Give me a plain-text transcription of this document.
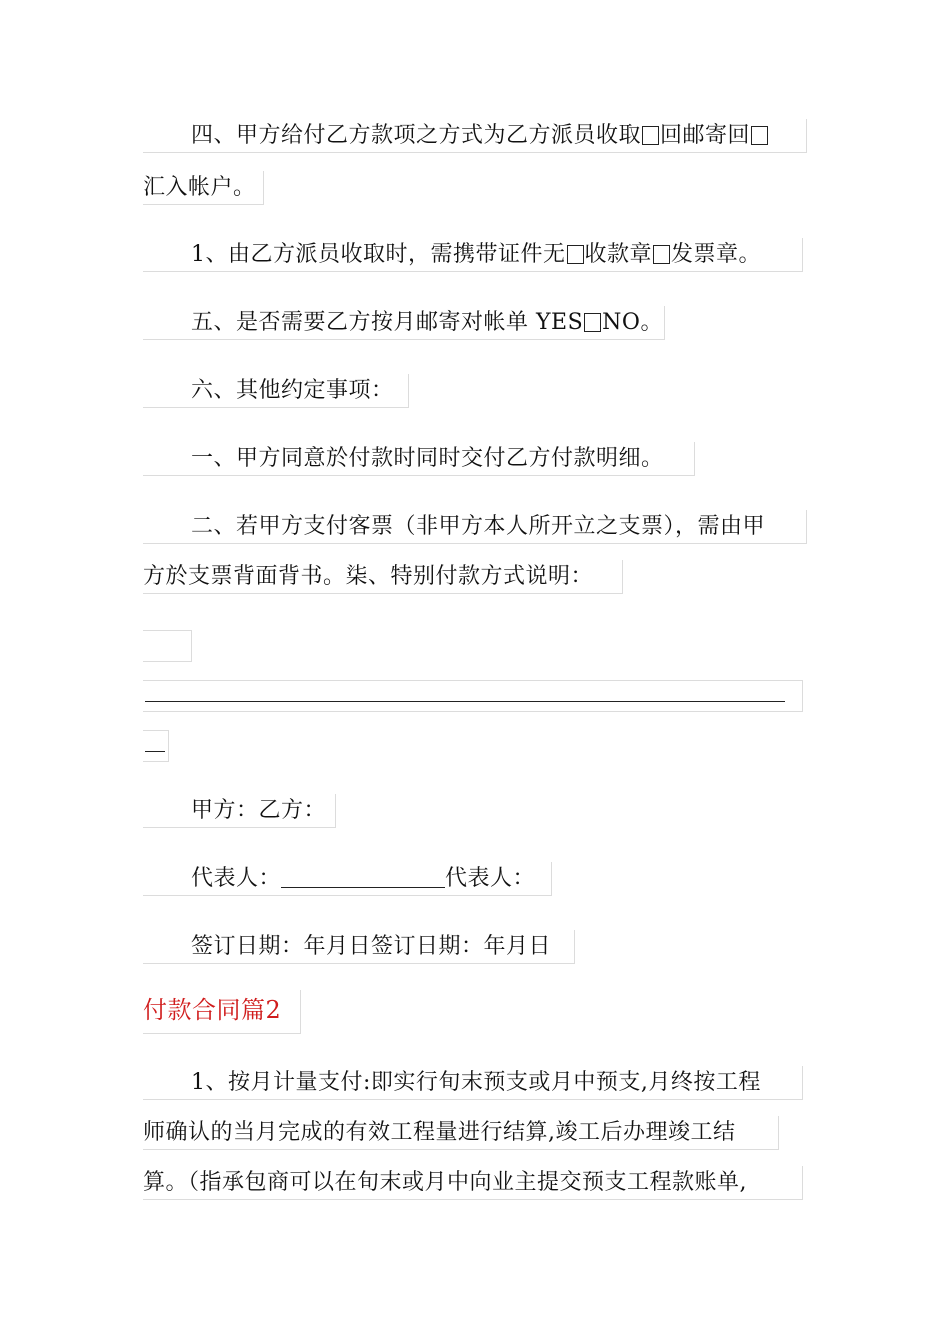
四、甲方给付乙方款项之方式为乙方派员收取 回邮寄回
汇入帐户。
1、由乙方派员收取时，需携带证件无 收款章 发票章。
五、是否需要乙方按月邮寄对帐单 YES NO。
六、其他约定事项：
一、甲方同意於付款时同时交付乙方付款明细。
二、若甲方支付客票（非甲方本人所开立之支票），需由甲
方於支票背面背书。柒、特别付款方式说明：
甲方：乙方：
代表人：	代表人：
签订日期：年月日签订日期：年月日
付款合同篇2
1、按月计量支付:即实行旬末预支或月中预支,月终按工程
师确认的当月完成的有效工程量进行结算,竣工后办理竣工结
算。（指承包商可以在旬末或月中向业主提交预支工程款账单,
